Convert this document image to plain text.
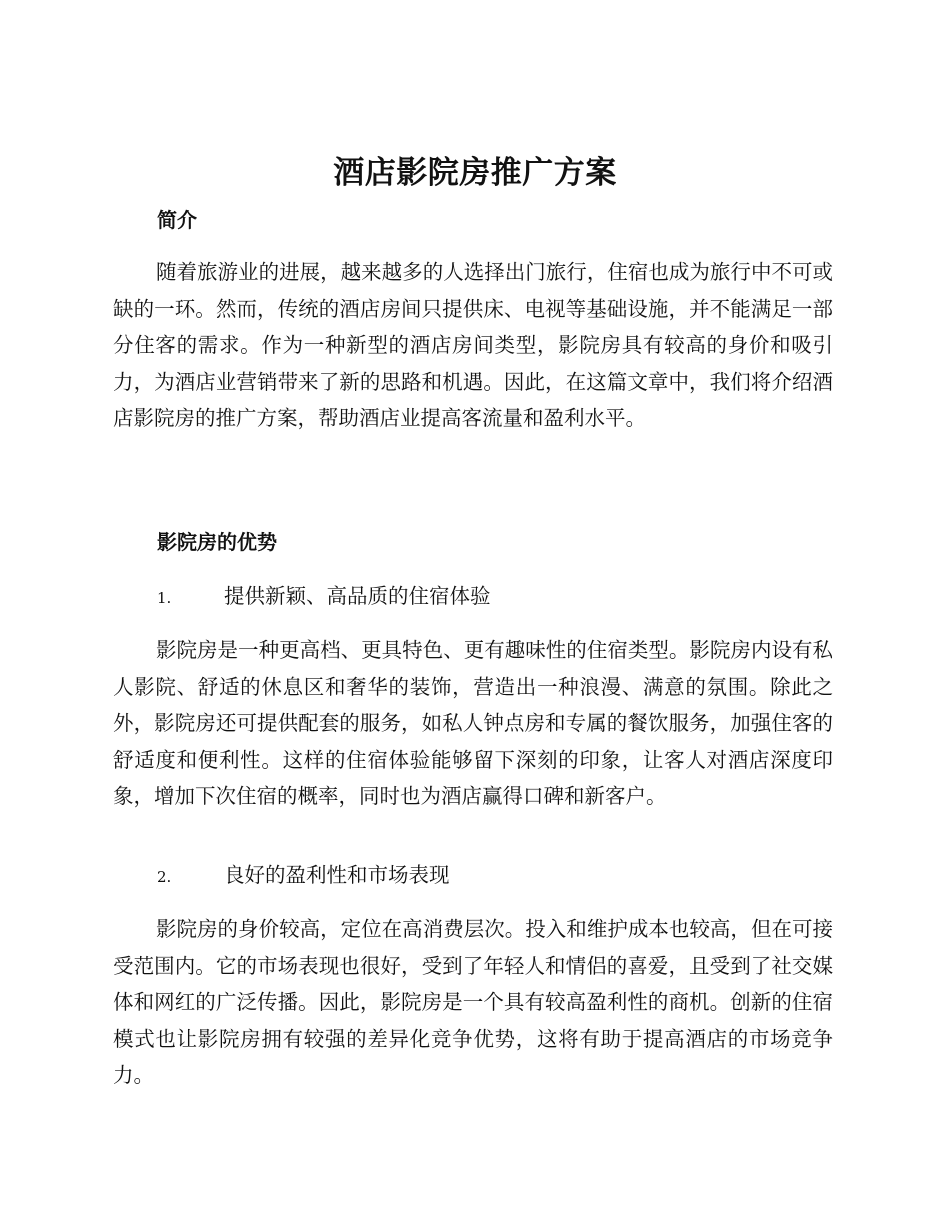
酒店影院房推广方案
简介

随着旅游业的进展，越来越多的人选择出门旅行，住宿也成为旅行中不可或缺的一环。然而，传统的酒店房间只提供床、电视等基础设施，并不能满足一部分住客的需求。作为一种新型的酒店房间类型，影院房具有较高的身价和吸引力，为酒店业营销带来了新的思路和机遇。因此，在这篇文章中，我们将介绍酒店影院房的推广方案，帮助酒店业提高客流量和盈利水平。

影院房的优势
1.	提供新颖、高品质的住宿体验

影院房是一种更高档、更具特色、更有趣味性的住宿类型。影院房内设有私人影院、舒适的休息区和奢华的装饰，营造出一种浪漫、满意的氛围。除此之外，影院房还可提供配套的服务，如私人钟点房和专属的餐饮服务，加强住客的舒适度和便利性。这样的住宿体验能够留下深刻的印象，让客人对酒店深度印象，增加下次住宿的概率，同时也为酒店赢得口碑和新客户。

2.	良好的盈利性和市场表现

影院房的身价较高，定位在高消费层次。投入和维护成本也较高，但在可接受范围内。它的市场表现也很好，受到了年轻人和情侣的喜爱，且受到了社交媒体和网红的广泛传播。因此，影院房是一个具有较高盈利性的商机。创新的住宿模式也让影院房拥有较强的差异化竞争优势，这将有助于提高酒店的市场竞争力。
